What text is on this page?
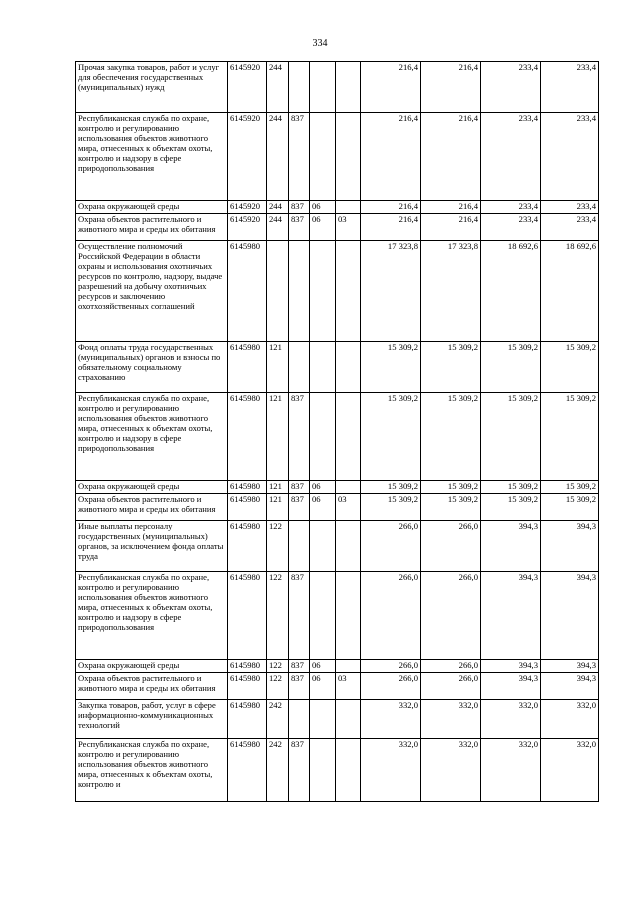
334
Прочая закупка товаров, работ и услуг для обеспечения государственных (муниципальных) нужд	6145920	244				216,4	216,4	233,4	233,4
Республиканская служба по охране, контролю и регулированию использования объектов животного мира, отнесенных к объектам охоты, контролю и надзору в сфере природопользования	6145920	244	837			216,4	216,4	233,4	233,4
Охрана окружающей среды	6145920	244	837	06		216,4	216,4	233,4	233,4
Охрана объектов растительного и животного мира и среды их обитания	6145920	244	837	06	03	216,4	216,4	233,4	233,4
Осуществление полномочий Российской Федерации в области охраны и использования охотничьих ресурсов по контролю, надзору, выдаче разрешений на добычу охотничьих ресурсов и заключению охотхозяйственных соглашений	6145980					17 323,8	17 323,8	18 692,6	18 692,6
Фонд оплаты труда государственных (муниципальных) органов и взносы по обязательному социальному страхованию	6145980	121				15 309,2	15 309,2	15 309,2	15 309,2
Республиканская служба по охране, контролю и регулированию использования объектов животного мира, отнесенных к объектам охоты, контролю и надзору в сфере природопользования	6145980	121	837			15 309,2	15 309,2	15 309,2	15 309,2
Охрана окружающей среды	6145980	121	837	06		15 309,2	15 309,2	15 309,2	15 309,2
Охрана объектов растительного и животного мира и среды их обитания	6145980	121	837	06	03	15 309,2	15 309,2	15 309,2	15 309,2
Иные выплаты персоналу государственных (муниципальных) органов, за исключением фонда оплаты труда	6145980	122				266,0	266,0	394,3	394,3
Республиканская служба по охране, контролю и регулированию использования объектов животного мира, отнесенных к объектам охоты, контролю и надзору в сфере природопользования	6145980	122	837			266,0	266,0	394,3	394,3
Охрана окружающей среды	6145980	122	837	06		266,0	266,0	394,3	394,3
Охрана объектов растительного и животного мира и среды их обитания	6145980	122	837	06	03	266,0	266,0	394,3	394,3
Закупка товаров, работ, услуг в сфере информационно-коммуникационных технологий	6145980	242				332,0	332,0	332,0	332,0
Республиканская служба по охране, контролю и регулированию использования объектов животного мира, отнесенных к объектам охоты, контролю и	6145980	242	837			332,0	332,0	332,0	332,0
